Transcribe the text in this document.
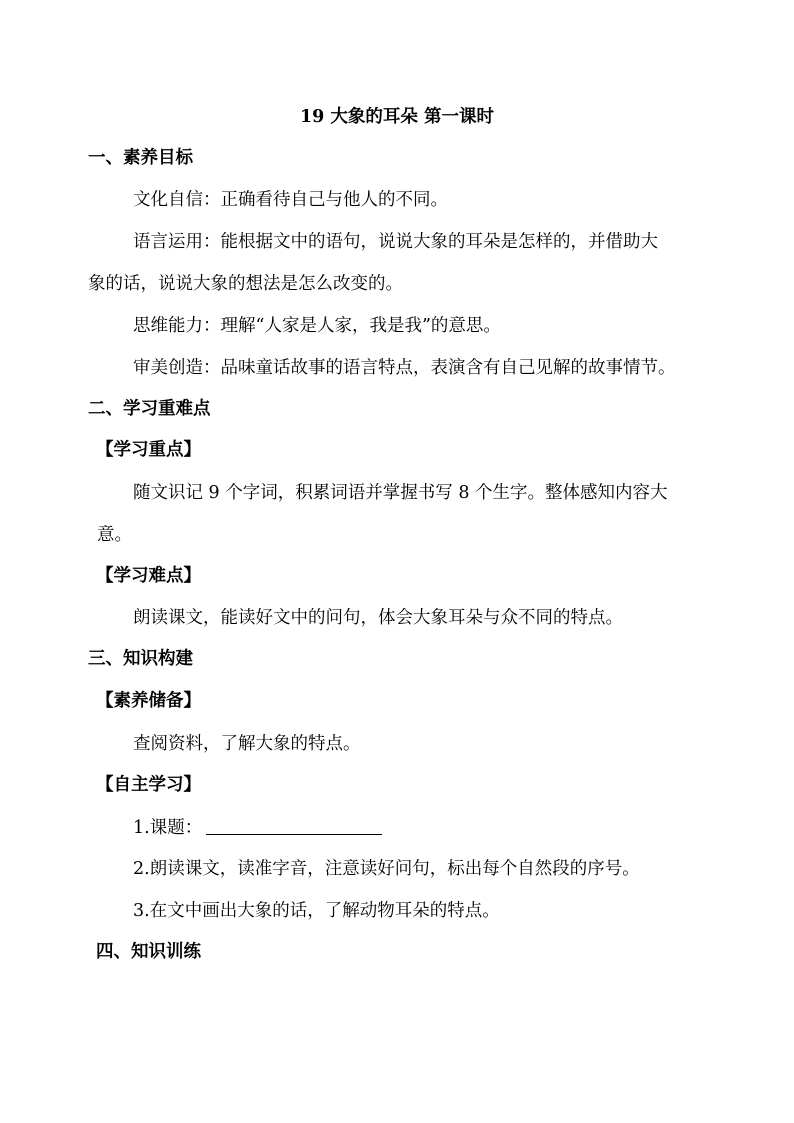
19 大象的耳朵 第一课时
一、素养目标
文化自信：正确看待自己与他人的不同。
语言运用：能根据文中的语句，说说大象的耳朵是怎样的，并借助大
象的话，说说大象的想法是怎么改变的。
思维能力：理解“人家是人家，我是我”的意思。
审美创造：品味童话故事的语言特点，表演含有自己见解的故事情节。
二、学习重难点
【学习重点】
随文识记 9 个字词，积累词语并掌握书写 8 个生字。整体感知内容大
意。
【学习难点】
朗读课文，能读好文中的问句，体会大象耳朵与众不同的特点。
三、知识构建
【素养储备】
查阅资料，了解大象的特点。
【自主学习】
1.课题：
2.朗读课文，读准字音，注意读好问句，标出每个自然段的序号。
3.在文中画出大象的话，了解动物耳朵的特点。
四、知识训练
